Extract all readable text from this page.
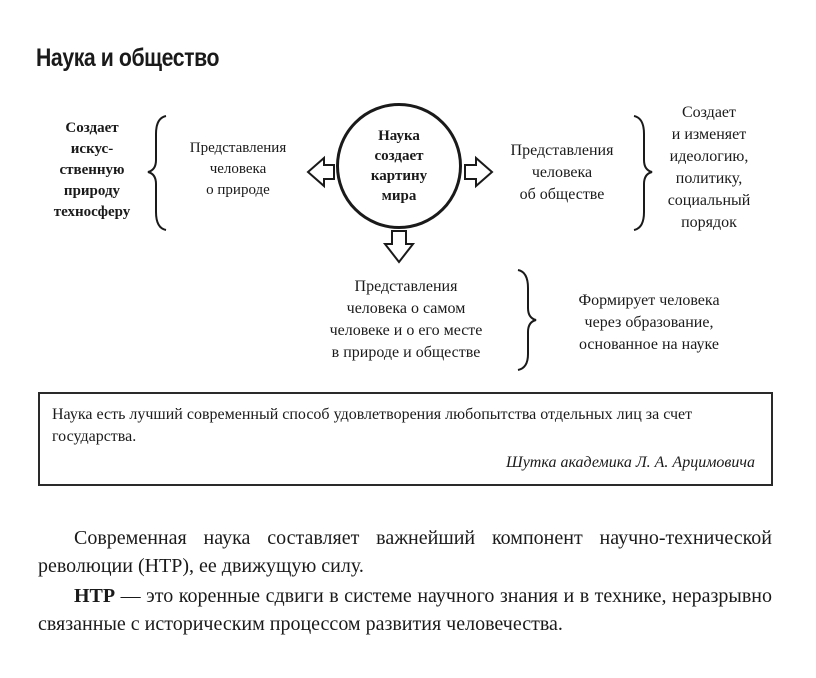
Наука и общество
Наука
создает
картину
мира
Создает
искус-
ственную
природу
техносферу
Представления
человека
о природе
Представления
человека
об обществе
Создает
и изменяет
идеологию,
политику,
социальный
порядок
Представления
человека о самом
человеке и о его месте
в природе и обществе
Формирует человека
через образование,
основанное на науке
Наука есть лучший современный способ удовлетворения любопытства отдельных лиц за счет государства.
Шутка академика Л. А. Арцимовича
Современная наука составляет важнейший компонент научно-технической революции (НТР), ее движущую силу.
НТР — это коренные сдвиги в системе научного знания и в технике, неразрывно связанные с историческим процессом развития человечества.
